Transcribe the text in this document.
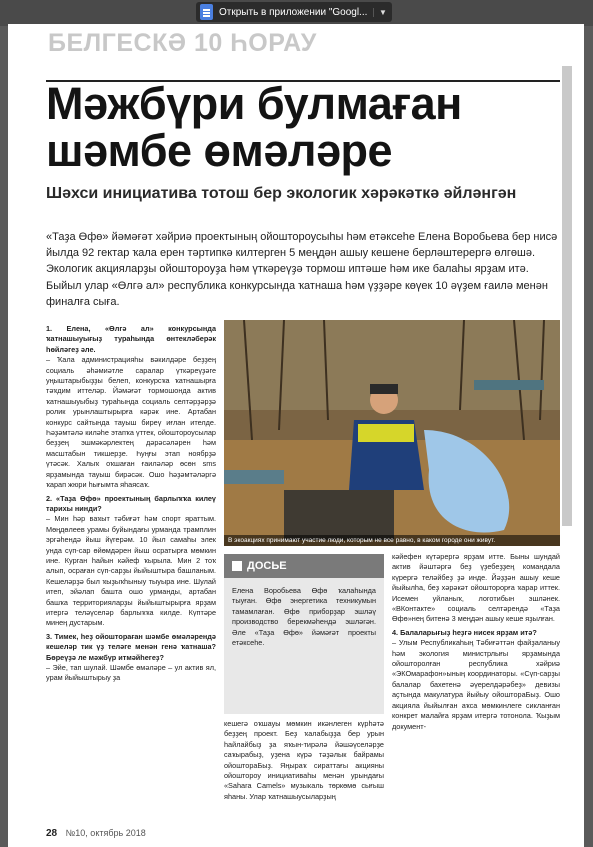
Открыть в приложении "Googl...	▼
БЕЛГЕСКӘ 10 ҺОРАУ
Мәжбүри булмаған
шәмбе өмәләре
Шәхси инициатива тотош бер экологик хәрәкәткә әйләнгән
«Таҙа Өфө» йәмәғәт хәйриә проектының ойоштороусыһы һәм етәксеһе Елена Воробьева бер нисә йылда 92 гектар ҡала ерен тәртипкә килтерген 5 меңдән ашыу кешене берләштерергә өлгөшә. Экологик акцияларҙы ойоштороуҙа һәм үткәреүҙә тормош иптәше һәм ике балаһы ярҙам итә. Быйыл улар «Өлгә ал» республика конкурсында ҡатнаша һәм үҙҙәре көүек 10 әүҙем ғаилә менән финалға сыға.

1. Елена, «Өлгә ал» конкурсында ҡатнашыуығыҙ тураһында өнтекләберәк һөйләгеҙ әле.

– Ҡала администрацияһы вәкилдәре беҙҙең социаль әһәмиәтле саралар үткәреүҙәге уңыштарыбыҙҙы белеп, конкурсҡа ҡатнашырға тәҡдим иттеләр. Йәмәғәт тормошонда актив ҡатнашыуыбыҙ тураһында социаль селтәрҙәрҙә ролик урынлаштырырға кәрәк ине. Артабан конкурс сайтында тауыш биреү иғлан ителде. Һәҙәмтәлә киләһе этапҡа үттек, ойоштороусылар беҙҙең эшмәкәрлектең дәрәсәләрен һәм масштабын тикшерҙе. Һуңғы этап ноябрҙә үтәсәк. Халыҡ оҡшаған ғаиләләр өсөн sms ярҙамында тауыш бирәсәк. Ошо һәҙәмтәләргә ҡарап жюри һығымта яһаясаҡ.

2. «Таҙа Өфө» проектының барлыҡҡа килеү тарихы нинди?

– Мин һәр ваҡыт тәбиғәт һәм спорт яраттым. Мөңдөлеев урамы буйындағы урманда трамплин эргәһендә йыш йүгерәм. 10 йыл самаһы элек унда сүп-сар өйөмдәрен йыш осратырға мөмкин ине. Курган һайын кәйеф ҡырыла. Мин 2 тоҡ алып, осраған сүп-сарҙы йыйыштыра башланым. Кешеләрҙә был ҡыҙыҡһыныу тыуыра ине. Шулай итеп, эйәлап башта ошо урманды, артабан башҡа территорияларҙы йыйыштырырға ярҙам итергә теләүселәр барлыҡҡа килде. Күптәре минең дустарым.

3. Тимек, һеҙ ойоштораған шәмбе өмәләрендә кешеләр тик үҙ теләге менән генә ҡатнаша? Бөреүҙә ле мәжбүр итмәйһегеҙ?

– Эйе, тап шулай. Шәмбе өмәләре – ул актив ял, урам йыйыштырыу ҙа

В экоакциях принимают участие люди, которым не все равно, в каком городе они живут.
ДОСЬЕ
Елена Воробьева Өфө ҡалаһында тыуған. Өфө энергетика техникумын тамамлаған. Өфө приборҙар эшләү производство берекмәһендә эшләгән. Әле «Таҙа Өфө» йәмәғәт проекты етәксеһе.

кешегә оҡшауы мөмкин икәнлеген күрһәтә беҙҙең проект. Беҙ ҡалабыҙҙа бер урын һайлайбыҙ ҙа яҡын-тирәлә йәшәүселәрҙе саҡырабыҙ, уҙена күрә тәҙәлык байрамы ойоштораБыҙ. Яңыраҡ сираттағы акцияны ойоштороу инициативаһы менән урындағы «Sahara Camels» музыкаль төркөмө сығыш яһаны. Улар ҡатнашыусыларҙың

кәйефен күтәрергә ярҙам итте. Быны шундай актив йәштәргә беҙ үҙебеҙҙең командала күрергә теләйбеҙ ҙә инде. Йәҙҙән ашыу кеше йыйылһа, беҙ хәрәкәт ойошторорға ҡарар иттек. Исемен уйланыҡ, логотибын эшләнек. «ВКонтакте» социаль селтәрендә «Таҙа Өфө»нең битенә 3 меңдән ашыу кеше яҙылған.

4. Балаларығыҙ һеҙгә нисек ярҙам итә?

– Улым Республикаһың Тәбиғәттән файҙаланыу һәм экология министрлығы ярҙамында ойошторолған республика хәйриә «ЭКОмарафон»ының координаторы. «Сүп-сарҙы балалар бахетенә әүерелдәрәбеҙ» девизы аҫтында макулатура йыйыу ойоштораБыҙ. Ошо акцияла йыйылған аҡса мөмкинлеге сикланған конкрет малайға ярҙам итергә тотонола. Ҡыҙым документ-

28 №10, октябрь 2018
